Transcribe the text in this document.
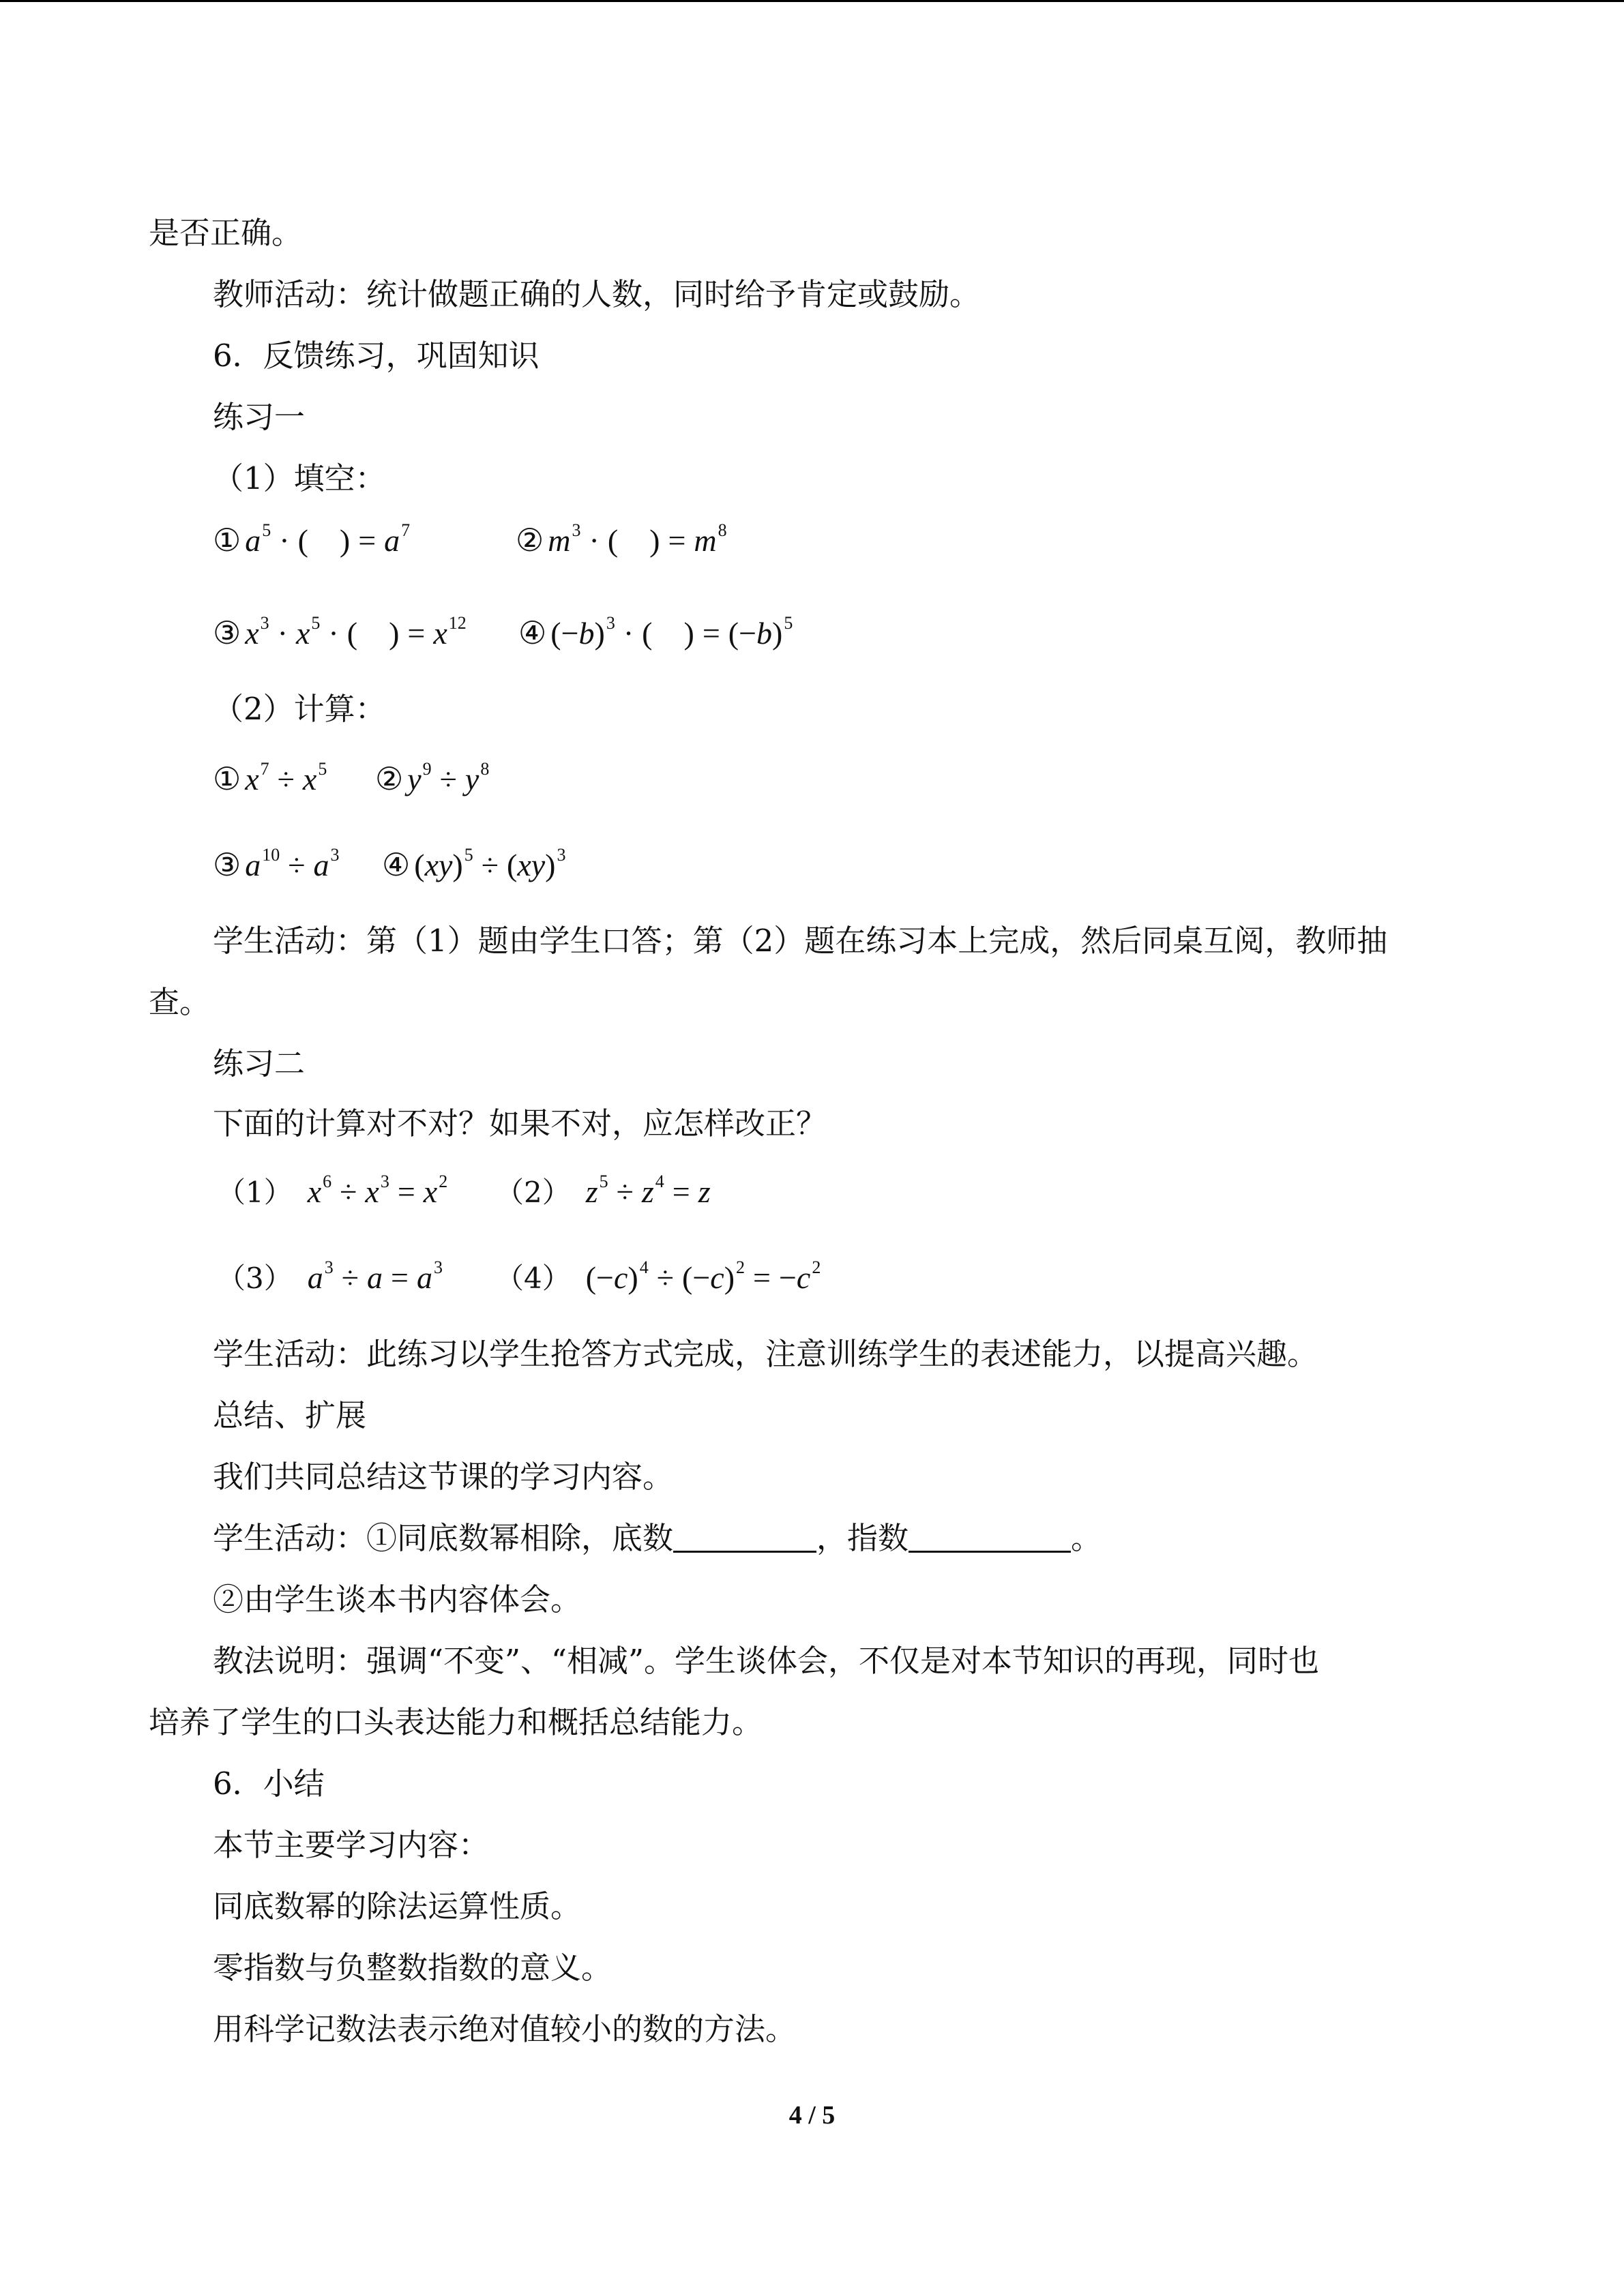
是否正确。
教师活动：统计做题正确的人数，同时给予肯定或鼓励。
6．反馈练习，巩固知识
练习一
（1）填空：
① $a^5$ · (    ) = $a^7$	② $m^3$ · (    ) = $m^8$
③ $x^3 \cdot x^5$ · (    ) = $x^{12}$ ④ $(-b)^3$ · (    ) = $(-b)^5$
（2）计算：
① $x^7 \div x^5$ ② $y^9 \div y^8$
③ $a^{10} \div a^3$ ④ (xy)$^5$ ÷ (xy)$^3$
学生活动：第（1）题由学生口答；第（2）题在练习本上完成，然后同桌互阅，教师抽
查。
练习二
下面的计算对不对？如果不对，应怎样改正？
（1） $x^6 \div x^3 = x^2$ （2） $z^5 \div z^4 = z$
（3） $a^3 \div a = a^3$ （4） $(-c)^4 \div (-c)^2 = -c^2$
学生活动：此练习以学生抢答方式完成，注意训练学生的表述能力，以提高兴趣。
总结、扩展
我们共同总结这节课的学习内容。
学生活动：①同底数幂相除，底数	，指数	。
②由学生谈本书内容体会。
教法说明：强调“不变”、“相减”。学生谈体会，不仅是对本节知识的再现，同时也
培养了学生的口头表达能力和概括总结能力。
6．小结
本节主要学习内容：
同底数幂的除法运算性质。
零指数与负整数指数的意义。
用科学记数法表示绝对值较小的数的方法。
4 / 5
